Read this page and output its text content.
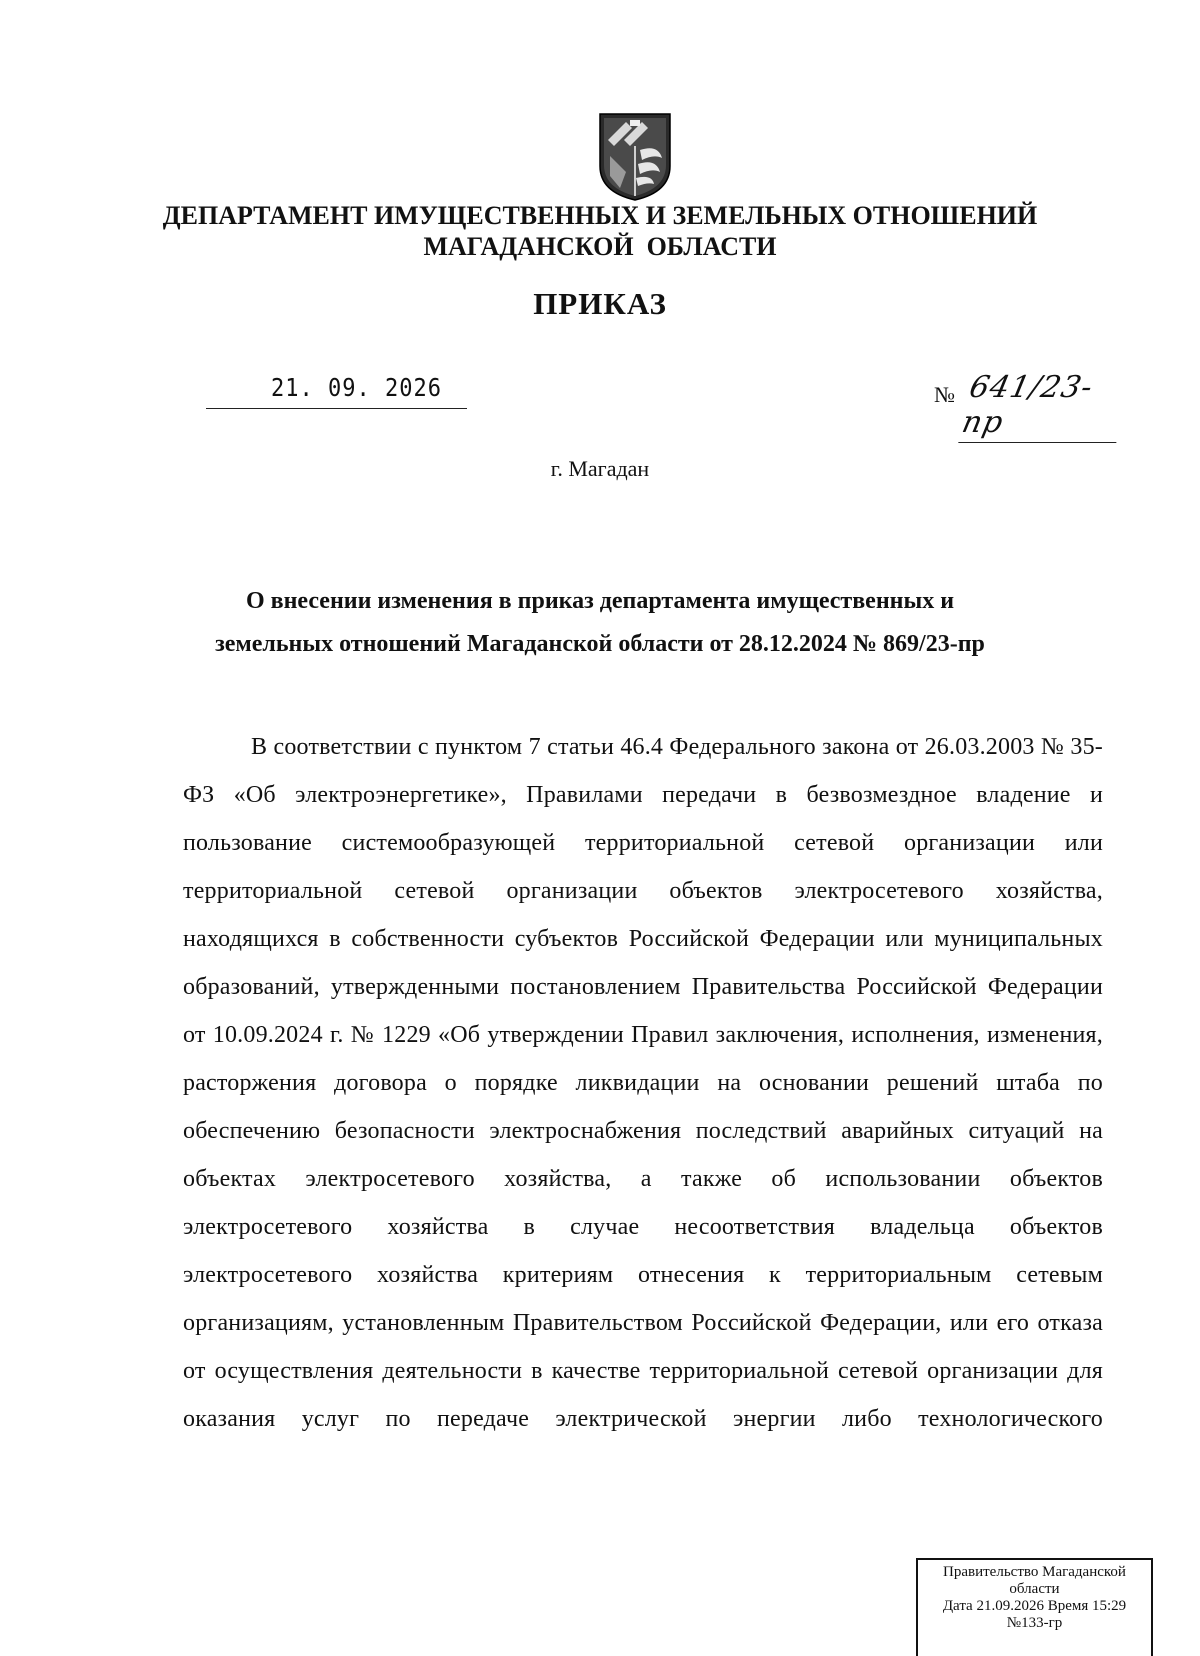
ДЕПАРТАМЕНТ ИМУЩЕСТВЕННЫХ И ЗЕМЕЛЬНЫХ ОТНОШЕНИЙ
МАГАДАНСКОЙ  ОБЛАСТИ
ПРИКАЗ
21. 09. 2026	№ 641/23-пр
г. Магадан
О внесении изменения в приказ департамента имущественных и
земельных отношений Магаданской области от 28.12.2024 № 869/23-пр
В соответствии с пунктом 7 статьи 46.4 Федерального закона от 26.03.2003 № 35-ФЗ «Об электроэнергетике», Правилами передачи в безвозмездное владение и пользование системообразующей территориальной сетевой организации или территориальной сетевой организации объектов электросетевого хозяйства, находящихся в собственности субъектов Российской Федерации или муниципальных образований, утвержденными постановлением Правительства Российской Федерации от 10.09.2024 г. № 1229 «Об утверждении Правил заключения, исполнения, изменения, расторжения договора о порядке ликвидации на основании решений штаба по обеспечению безопасности электроснабжения последствий аварийных ситуаций на объектах электросетевого хозяйства, а также об использовании объектов электросетевого хозяйства в случае несоответствия владельца объектов электросетевого хозяйства критериям отнесения к территориальным сетевым организациям, установленным Правительством Российской Федерации, или его отказа от осуществления деятельности в качестве территориальной сетевой организации для оказания услуг по передаче электрической энергии либо технологического
Правительство Магаданской
области
Дата 21.09.2026 Время 15:29
№133-гр
